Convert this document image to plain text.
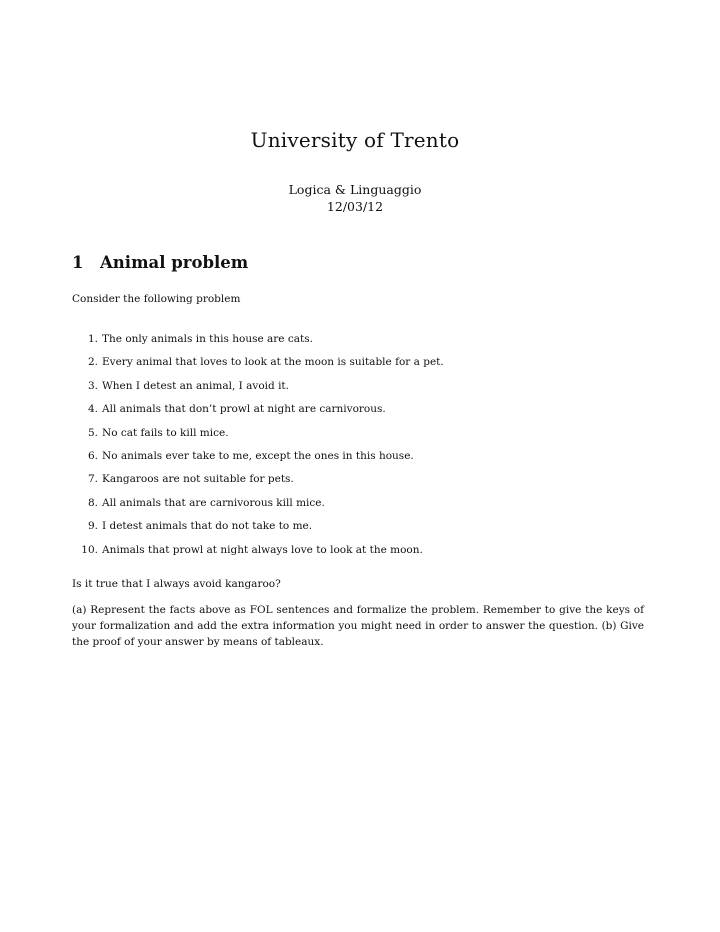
University of Trento
Logica & Linguaggio
12/03/12
1 Animal problem
Consider the following problem
1. The only animals in this house are cats.
2. Every animal that loves to look at the moon is suitable for a pet.
3. When I detest an animal, I avoid it.
4. All animals that don’t prowl at night are carnivorous.
5. No cat fails to kill mice.
6. No animals ever take to me, except the ones in this house.
7. Kangaroos are not suitable for pets.
8. All animals that are carnivorous kill mice.
9. I detest animals that do not take to me.
10. Animals that prowl at night always love to look at the moon.
Is it true that I always avoid kangaroo?
(a) Represent the facts above as FOL sentences and formalize the problem. Remember to give the keys of your formalization and add the extra information you might need in order to answer the question. (b) Give the proof of your answer by means of tableaux.
